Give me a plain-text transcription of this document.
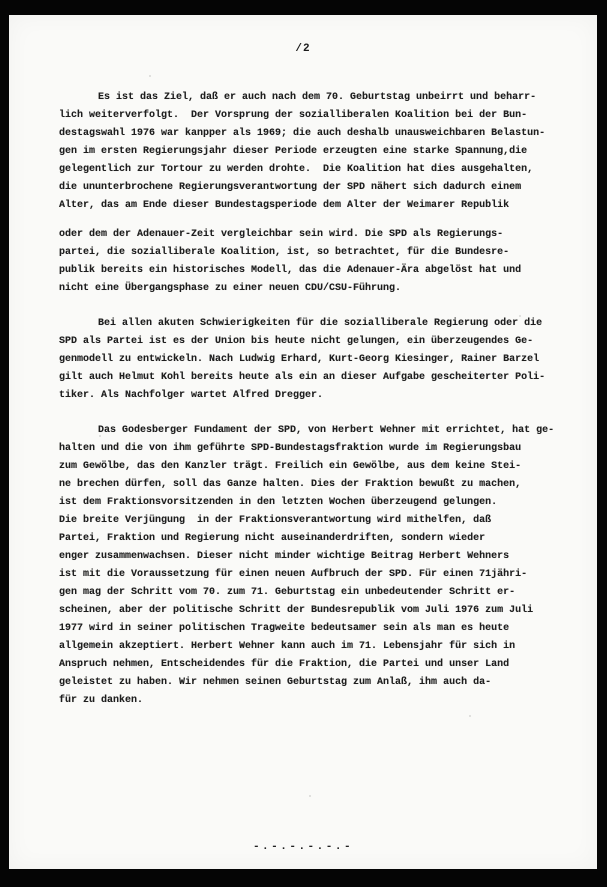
/2
Es ist das Ziel, daß er auch nach dem 70. Geburtstag unbeirrt und beharr-
lich weiterverfolgt.  Der Vorsprung der sozialliberalen Koalition bei der Bun-
destagswahl 1976 war kanpper als 1969; die auch deshalb unausweichbaren Belastun-
gen im ersten Regierungsjahr dieser Periode erzeugten eine starke Spannung,die
gelegentlich zur Tortour zu werden drohte.  Die Koalition hat dies ausgehalten,
die ununterbrochene Regierungsverantwortung der SPD nähert sich dadurch einem
Alter, das am Ende dieser Bundestagsperiode dem Alter der Weimarer Republik
oder dem der Adenauer-Zeit vergleichbar sein wird. Die SPD als Regierungs-
partei, die sozialliberale Koalition, ist, so betrachtet, für die Bundesre-
publik bereits ein historisches Modell, das die Adenauer-Ära abgelöst hat und
nicht eine Übergangsphase zu einer neuen CDU/CSU-Führung.
Bei allen akuten Schwierigkeiten für die sozialliberale Regierung oder die
SPD als Partei ist es der Union bis heute nicht gelungen, ein überzeugendes Ge-
genmodell zu entwickeln. Nach Ludwig Erhard, Kurt-Georg Kiesinger, Rainer Barzel
gilt auch Helmut Kohl bereits heute als ein an dieser Aufgabe gescheiterter Poli-
tiker. Als Nachfolger wartet Alfred Dregger.
Das Godesberger Fundament der SPD, von Herbert Wehner mit errichtet, hat ge-
halten und die von ihm geführte SPD-Bundestagsfraktion wurde im Regierungsbau
zum Gewölbe, das den Kanzler trägt. Freilich ein Gewölbe, aus dem keine Stei-
ne brechen dürfen, soll das Ganze halten. Dies der Fraktion bewußt zu machen,
ist dem Fraktionsvorsitzenden in den letzten Wochen überzeugend gelungen.
Die breite Verjüngung  in der Fraktionsverantwortung wird mithelfen, daß
Partei, Fraktion und Regierung nicht auseinanderdriften, sondern wieder
enger zusammenwachsen. Dieser nicht minder wichtige Beitrag Herbert Wehners
ist mit die Voraussetzung für einen neuen Aufbruch der SPD. Für einen 71jähri-
gen mag der Schritt vom 70. zum 71. Geburtstag ein unbedeutender Schritt er-
scheinen, aber der politische Schritt der Bundesrepublik vom Juli 1976 zum Juli
1977 wird in seiner politischen Tragweite bedeutsamer sein als man es heute
allgemein akzeptiert. Herbert Wehner kann auch im 71. Lebensjahr für sich in
Anspruch nehmen, Entscheidendes für die Fraktion, die Partei und unser Land
geleistet zu haben. Wir nehmen seinen Geburtstag zum Anlaß, ihm auch da-
für zu danken.
-.-.-.-.-.-
